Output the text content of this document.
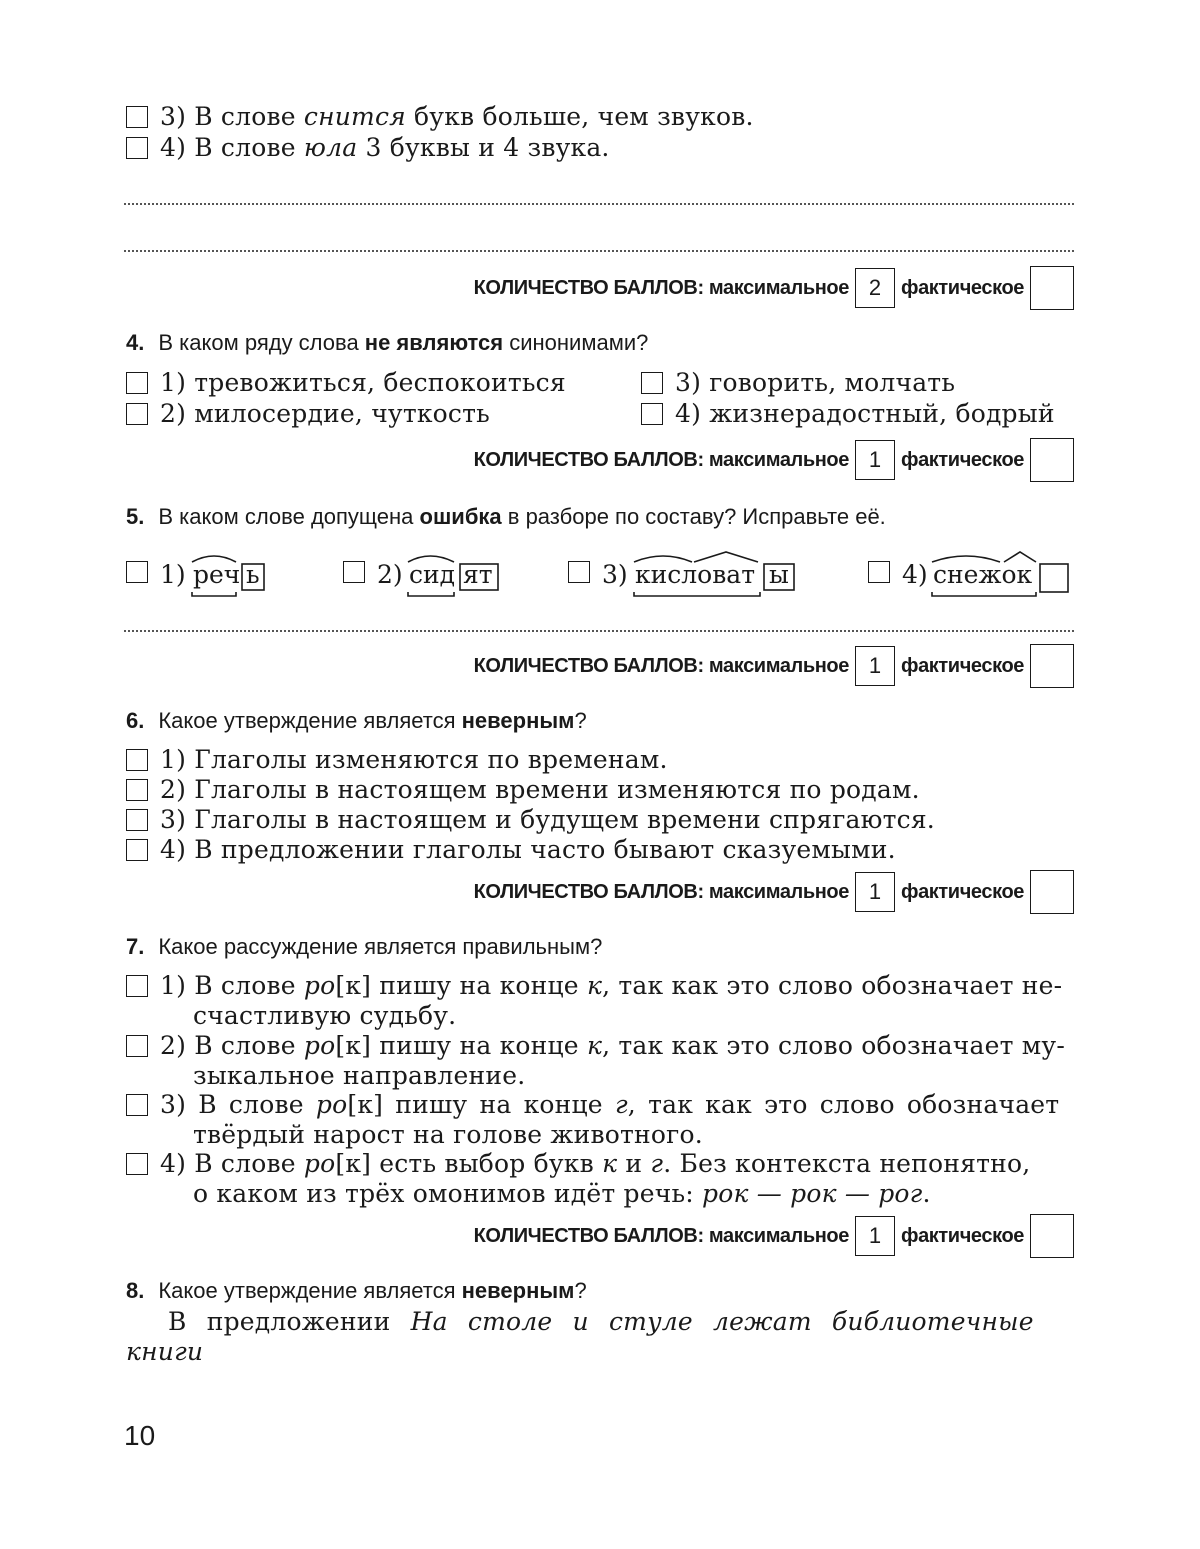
3) В слове снится букв больше, чем звуков.
4) В слове юла 3 буквы и 4 звука.
КОЛИЧЕСТВО БАЛЛОВ: максимальное 2 фактическое
4. В каком ряду слова не являются синонимами?
1) тревожиться, беспокоиться	3) говорить, молчать
2) милосердие, чуткость	4) жизнерадостный, бодрый
КОЛИЧЕСТВО БАЛЛОВ: максимальное 1 фактическое
5. В каком слове допущена ошибка в разборе по составу? Исправьте её.
1) реч ь	2) сид ят	3) кисловат ы	4) снежок
КОЛИЧЕСТВО БАЛЛОВ: максимальное 1 фактическое
6. Какое утверждение является неверным?
1) Глаголы изменяются по временам.
2) Глаголы в настоящем времени изменяются по родам.
3) Глаголы в настоящем и будущем времени спрягаются.
4) В предложении глаголы часто бывают сказуемыми.
КОЛИЧЕСТВО БАЛЛОВ: максимальное 1 фактическое
7. Какое рассуждение является правильным?
1) В слове ро[к] пишу на конце к, так как это слово обозначает не-
счастливую судьбу.
2) В слове ро[к] пишу на конце к, так как это слово обозначает му-
зыкальное направление.
3) В слове ро[к] пишу на конце г, так как это слово обозначает
твёрдый нарост на голове животного.
4) В слове ро[к] есть выбор букв к и г. Без контекста непонятно,
о каком из трёх омонимов идёт речь: рок — рок — рог.
КОЛИЧЕСТВО БАЛЛОВ: максимальное 1 фактическое
8. Какое утверждение является неверным?
В предложении На столе и стуле лежат библиотечные
книги
10
